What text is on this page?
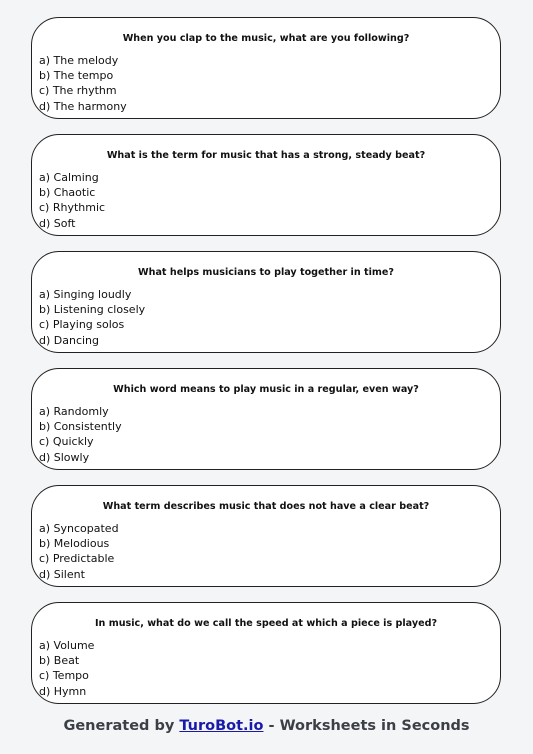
When you clap to the music, what are you following?
a) The melody
b) The tempo
c) The rhythm
d) The harmony
What is the term for music that has a strong, steady beat?
a) Calming
b) Chaotic
c) Rhythmic
d) Soft
What helps musicians to play together in time?
a) Singing loudly
b) Listening closely
c) Playing solos
d) Dancing
Which word means to play music in a regular, even way?
a) Randomly
b) Consistently
c) Quickly
d) Slowly
What term describes music that does not have a clear beat?
a) Syncopated
b) Melodious
c) Predictable
d) Silent
In music, what do we call the speed at which a piece is played?
a) Volume
b) Beat
c) Tempo
d) Hymn
Generated by TuroBot.io - Worksheets in Seconds
